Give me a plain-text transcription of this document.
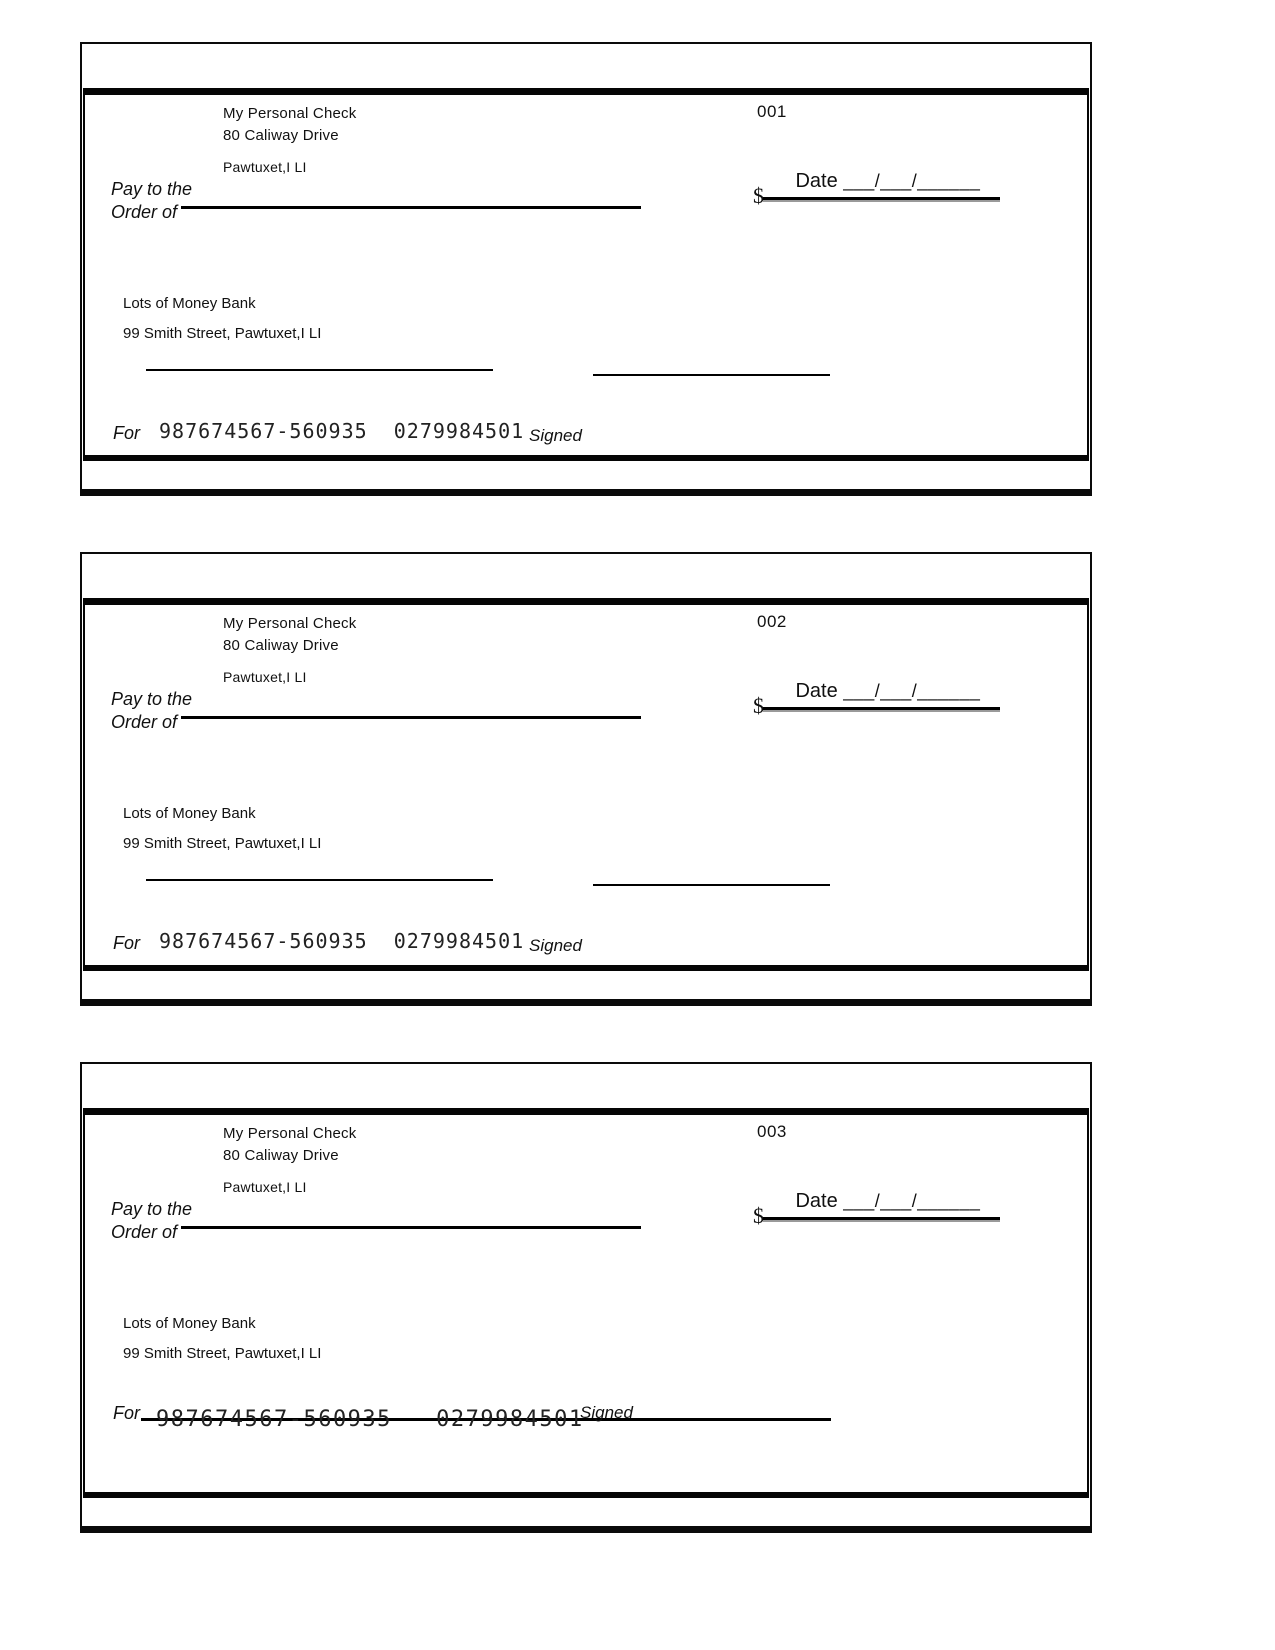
My Personal Check
80 Caliway Drive
Pawtuxet,I LI
001

Date ___/___/______

Pay to the
Order of
$
Lots of Money Bank
99 Smith Street, Pawtuxet,I LI
For 987674567-560935  0279984501 Signed
My Personal Check
80 Caliway Drive
Pawtuxet,I LI
002

Date ___/___/______

Pay to the
Order of
$
Lots of Money Bank
99 Smith Street, Pawtuxet,I LI
For 987674567-560935  0279984501 Signed
My Personal Check
80 Caliway Drive
Pawtuxet,I LI
003

Date ___/___/______

Pay to the
Order of
$
Lots of Money Bank
99 Smith Street, Pawtuxet,I LI
For 987674567-560935   0279984501
Signed
